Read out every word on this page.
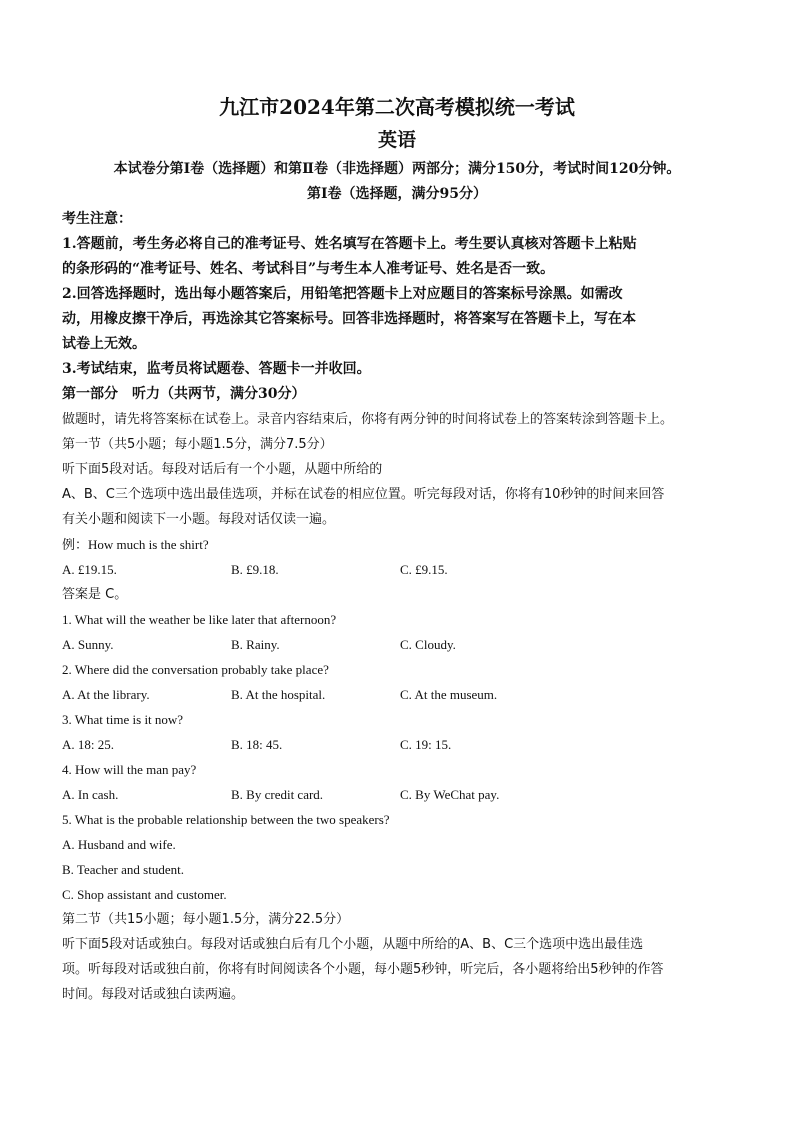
九江市2024年第二次高考模拟统一考试
英语

本试卷分第Ⅰ卷（选择题）和第Ⅱ卷（非选择题）两部分；满分150分，考试时间120分钟。

第Ⅰ卷（选择题，满分95分）

考生注意：

1.答题前，考生务必将自己的准考证号、姓名填写在答题卡上。考生要认真核对答题卡上粘贴

的条形码的“准考证号、姓名、考试科目”与考生本人准考证号、姓名是否一致。

2.回答选择题时，选出每小题答案后，用铅笔把答题卡上对应题目的答案标号涂黑。如需改

动，用橡皮擦干净后，再选涂其它答案标号。回答非选择题时，将答案写在答题卡上，写在本

试卷上无效。

3.考试结束，监考员将试题卷、答题卡一并收回。

第一部分　听力（共两节，满分30分）

做题时，请先将答案标在试卷上。录音内容结束后，你将有两分钟的时间将试卷上的答案转涂到答题卡上。

第一节（共5小题；每小题1.5分，满分7.5分）

听下面5段对话。每段对话后有一个小题，从题中所给的

A、B、C三个选项中选出最佳选项，并标在试卷的相应位置。听完每段对话，你将有10秒钟的时间来回答

有关小题和阅读下一小题。每段对话仅读一遍。

例：How much is the shirt?

A. £19.15.	B. £9.18.	C. £9.15.

答案是 C。

1. What will the weather be like later that afternoon?

A. Sunny.	B. Rainy.	C. Cloudy.

2. Where did the conversation probably take place?

A. At the library.	B. At the hospital.	C. At the museum.

3. What time is it now?

A. 18: 25.	B. 18: 45.	C. 19: 15.

4. How will the man pay?

A. In cash.	B. By credit card.	C. By WeChat pay.

5. What is the probable relationship between the two speakers?

A. Husband and wife.

B. Teacher and student.

C. Shop assistant and customer.

第二节（共15小题；每小题1.5分，满分22.5分）

听下面5段对话或独白。每段对话或独白后有几个小题，从题中所给的A、B、C三个选项中选出最佳选

项。听每段对话或独白前，你将有时间阅读各个小题，每小题5秒钟，听完后，各小题将给出5秒钟的作答

时间。每段对话或独白读两遍。
